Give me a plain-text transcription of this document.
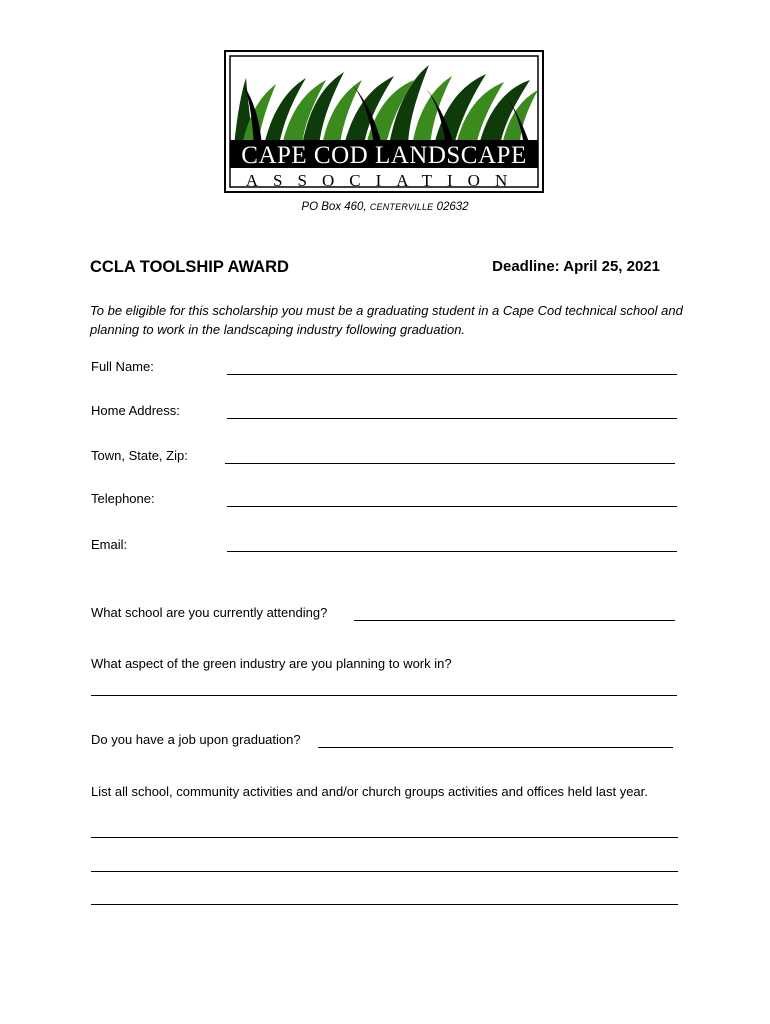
CAPE COD LANDSCAPE
ASSOCIATION
PO Box 460, CENTERVILLE 02632
CCLA TOOLSHIP AWARD	Deadline: April 25, 2021
To be eligible for this scholarship you must be a graduating student in a Cape Cod technical school and planning to work in the landscaping industry following graduation.
Full Name:
Home Address:
Town, State, Zip:
Telephone:
Email:
What school are you currently attending?
What aspect of the green industry are you planning to work in?
Do you have a job upon graduation?
List all school, community activities and and/or church groups activities and offices held last year.
